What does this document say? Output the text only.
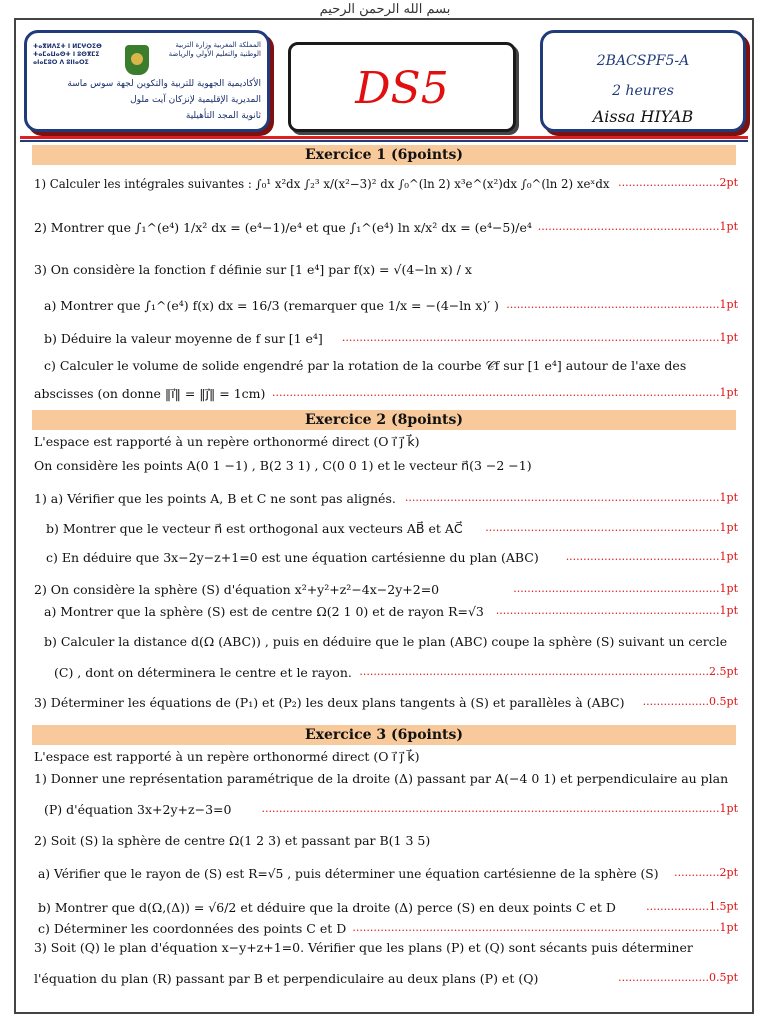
بسم الله الرحمن الرحيم
ⵜⴰⴳⵍⴷⵉⵜ ⵏ ⵍⵎⵖⵔⵉⴱ
ⵜⴰⵎⴰⵡⴰⵙⵜ ⵏ ⵓⵙⴳⵎⵉ
ⴰⵏⴰⵎⵓⵔ ⴷ ⵓⵏⵏⴰⵔⵉ
المملكة المغربية وزارة التربية الوطنية والتعليم الأولي والرياضة
الأكاديمية الجهوية للتربية والتكوين لجهة سوس ماسة
المديرية الإقليمية لإنزكان آيت ملول
ثانوية المجد التأهيلية
DS5
2BACSPF5-A
2 heures
Aissa HIYAB
Exercice 1 (6points)
1) Calculer les intégrales suivantes : ∫₀¹ x²dx ∫₂³ x/(x²−3)² dx ∫₀^(ln 2) x³e^(x²)dx ∫₀^(ln 2) xeˣdx .............................2pt
2) Montrer que ∫₁^(e⁴) 1/x² dx = (e⁴−1)/e⁴ et que ∫₁^(e⁴) ln x/x² dx = (e⁴−5)/e⁴ ....................................................1pt
3) On considère la fonction f définie sur [1 e⁴] par f(x) = √(4−ln x) / x
a) Montrer que ∫₁^(e⁴) f(x) dx = 16/3 (remarquer que 1/x = −(4−ln x)′ ) .............................................................1pt
b) Déduire la valeur moyenne de f sur [1 e⁴] ............................................................................................................1pt
c) Calculer le volume de solide engendré par la rotation de la courbe 𝒞f sur [1 e⁴] autour de l'axe des
abscisses (on donne ‖i⃗‖ = ‖j⃗‖ = 1cm) ................................................................................................................................1pt
Exercice 2 (8points)
L'espace est rapporté à un repère orthonormé direct (O i⃗ j⃗ k⃗)
On considère les points A(0 1 −1) , B(2 3 1) , C(0 0 1) et le vecteur n⃗(3 −2 −1)
1) a) Vérifier que les points A, B et C ne sont pas alignés. ..........................................................................................1pt
b) Montrer que le vecteur n⃗ est orthogonal aux vecteurs AB⃗ et AC⃗ ...................................................................1pt
c) En déduire que 3x−2y−z+1=0 est une équation cartésienne du plan (ABC) ............................................1pt
2) On considère la sphère (S) d'équation x²+y²+z²−4x−2y+2=0	...........................................................1pt
a) Montrer que la sphère (S) est de centre Ω(2 1 0) et de rayon R=√3 ................................................................1pt
b) Calculer la distance d(Ω (ABC)) , puis en déduire que le plan (ABC) coupe la sphère (S) suivant un cercle
(C) , dont on déterminera le centre et le rayon. ....................................................................................................2.5pt
3) Déterminer les équations de (P₁) et (P₂) les deux plans tangents à (S) et parallèles à (ABC) ...................0.5pt
Exercice 3 (6points)
L'espace est rapporté à un repère orthonormé direct (O i⃗ j⃗ k⃗)
1) Donner une représentation paramétrique de la droite (Δ) passant par A(−4 0 1) et perpendiculaire au plan
(P) d'équation 3x+2y+z−3=0	...................................................................................................................................1pt
2) Soit (S) la sphère de centre Ω(1 2 3) et passant par B(1 3 5)
a) Vérifier que le rayon de (S) est R=√5 , puis déterminer une équation cartésienne de la sphère (S) .............2pt
b) Montrer que d(Ω,(Δ)) = √6/2 et déduire que la droite (Δ) perce (S) en deux points C et D	..................1.5pt
c) Déterminer les coordonnées des points C et D .........................................................................................................1pt
3) Soit (Q) le plan d'équation x−y+z+1=0. Vérifier que les plans (P) et (Q) sont sécants puis déterminer
l'équation du plan (R) passant par B et perpendiculaire au deux plans (P) et (Q)	..........................0.5pt
